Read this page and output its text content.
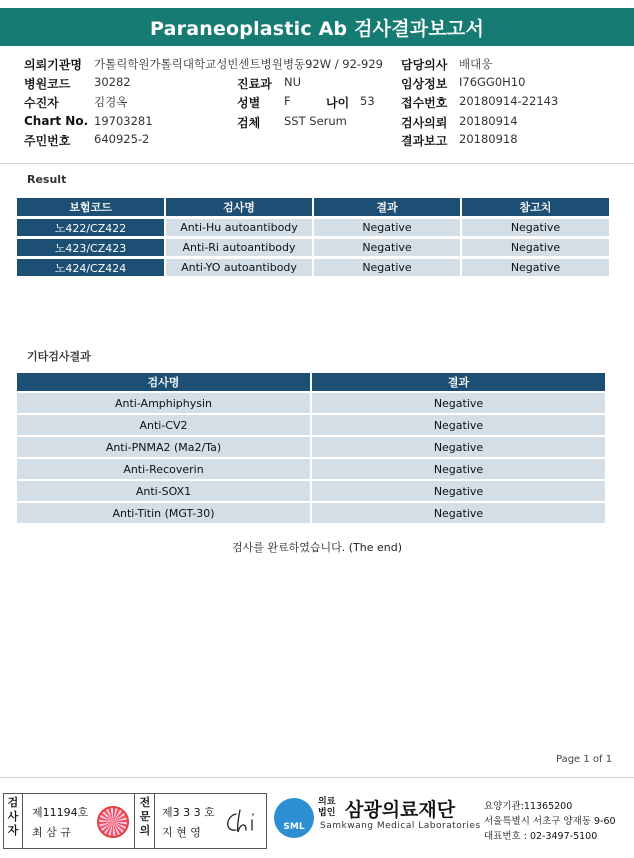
Paraneoplastic Ab 검사결과보고서
의뢰기관명 가톨릭학원가톨릭대학교성빈센트병원병동92W / 92-929 담당의사 배대웅
병원코드 30282	진료과 NU	임상정보 I76GG0H10
수진자	김경옥	성별 F	나이 53 접수번호 20180914-22143
Chart No. 19703281	검체 SST Serum	검사의뢰 20180914
주민번호 640925-2	결과보고 20180918
Result
보험코드	검사명	결과	참고치
노422/CZ422	Anti-Hu autoantibody	Negative	Negative
노423/CZ423	Anti-Ri autoantibody	Negative	Negative
노424/CZ424	Anti-YO autoantibody	Negative	Negative
기타검사결과
검사명	결과
Anti-Amphiphysin	Negative
Anti-CV2	Negative
Anti-PNMA2 (Ma2/Ta)	Negative
Anti-Recoverin	Negative
Anti-SOX1	Negative
Anti-Titin (MGT-30)	Negative
검사를 완료하였습니다. (The end)
Page 1 of 1
검사자
제11194호
최 삼 규
전문의
제3 3 3 호
지 현 영	SML
의료
법인 삼광의료재단
Samkwang Medical Laboratories
요양기관:11365200
서울특별시 서초구 양재동 9-60
대표번호 : 02-3497-5100
